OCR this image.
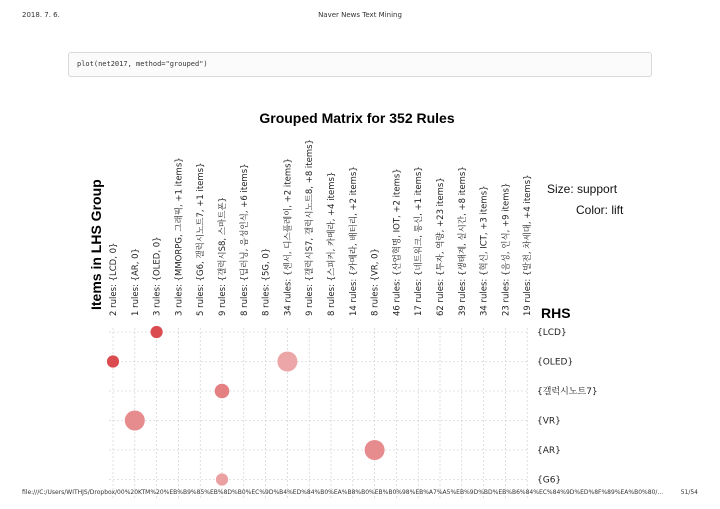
2018. 7. 6.	Naver News Text Mining
plot(net2017, method="grouped")
Grouped Matrix for 352 Rules
Items in LHS Group
RHS
Size: support
Color: lift
2 rules: {LCD, 0} 1 rules: {AR, 0} 3 rules: {OLED, 0} 3 rules: {MMORPG, 그래픽, +1 items} 5 rules: {G6, 갤럭시노트7, +1 items} 9 rules: {갤럭시S8, 스마트폰} 8 rules: {딥러닝, 음성인식, +6 items} 8 rules: {5G, 0} 34 rules: {센서, 디스플레이, +2 items} 9 rules: {갤럭시S7, 갤럭시노트8, +8 items} 8 rules: {스피커, 카메라, +4 items} 14 rules: {카메라, 배터리, +2 items} 8 rules: {VR, 0} 46 rules: {산업혁명, IOT, +2 items} 17 rules: {네트워크, 통신, +1 items} 62 rules: {투자, 역량, +23 items} 39 rules: {생태계, 실시간, +8 items} 34 rules: {혁신, ICT, +3 items} 23 rules: {음성, 인식, +9 items} 19 rules: {발전, 차세대, +4 items}
{LCD}
{OLED}
{갤럭시노트7}
{VR}
{AR}
{G6}
file:///C:/Users/WITHJS/Dropbox/00%20KTM%20%EB%B9%85%EB%8D%B0%EC%9D%B4%ED%84%B0%EA%B8%B0%EB%B0%98%EB%A7%A5%EB%9D%BD%EB%B6%84%EC%84%9D%ED%8F%89%EA%B0%80/...	51/54
